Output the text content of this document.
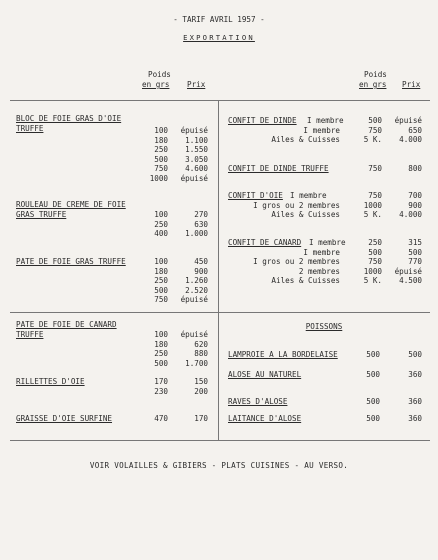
- TARIF AVRIL 1957 -
EXPORTATION
Poids
en grs Prix
Poids
en grs Prix
BLOC DE FOIE GRAS D'OIE
TRUFFE	100	épuisé
180	1.100
250	1.550
500	3.050
750	4.600
1000	épuisé
ROULEAU DE CREME DE FOIE
GRAS TRUFFE	100	270
250	630
400	1.000
PATE DE FOIE GRAS TRUFFE	100	450
180	900
250	1.260
500	2.520
750	épuisé
PATE DE FOIE DE CANARD
TRUFFE	100	épuisé
180	620
250	880
500	1.700
RILLETTES D'OIE	170	150
230	200
GRAISSE D'OIE SURFINE	470	170
CONFIT DE DINDE I membre	500	épuisé
I membre	750	650
Ailes & Cuisses	5 K.	4.000
CONFIT DE DINDE TRUFFE	750	800
CONFIT D'OIE I membre	750	700
I gros ou 2 membres	1000	900
Ailes & Cuisses	5 K.	4.000
CONFIT DE CANARD I membre	250	315
I membre	500	500
I gros ou 2 membres	750	770
2 membres	1000	épuisé
Ailes & Cuisses	5 K.	4.500
POISSONS
LAMPROIE A LA BORDELAISE	500	500
ALOSE AU NATUREL	500	360
RAVES D'ALOSE	500	360
LAITANCE D'ALOSE	500	360
VOIR VOLAILLES & GIBIERS - PLATS CUISINES - AU VERSO.
